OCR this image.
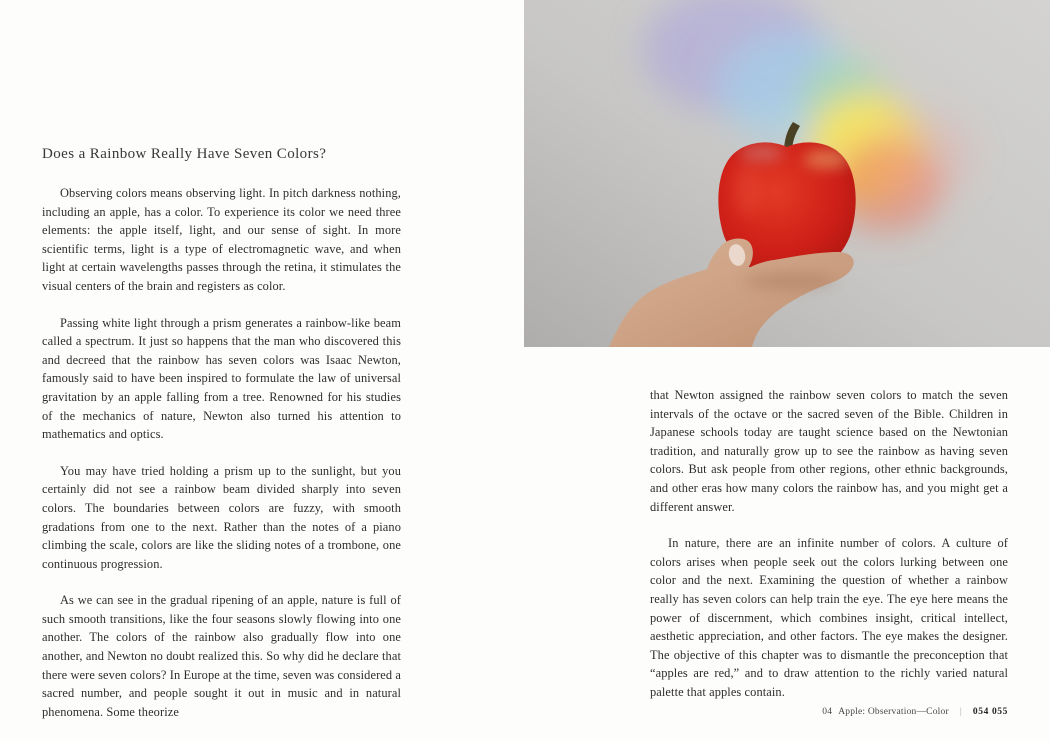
Does a Rainbow Really Have Seven Colors?

Observing colors means observing light. In pitch darkness nothing, including an apple, has a color. To experience its color we need three elements: the apple itself, light, and our sense of sight. In more scientific terms, light is a type of electromagnetic wave, and when light at certain wavelengths passes through the retina, it stimulates the visual centers of the brain and registers as color.

Passing white light through a prism generates a rainbow-like beam called a spectrum. It just so happens that the man who discovered this and decreed that the rainbow has seven colors was Isaac Newton, famously said to have been inspired to formulate the law of universal gravitation by an apple falling from a tree. Renowned for his studies of the mechanics of nature, Newton also turned his attention to mathematics and optics.

You may have tried holding a prism up to the sunlight, but you certainly did not see a rainbow beam divided sharply into seven colors. The boundaries between colors are fuzzy, with smooth gradations from one to the next. Rather than the notes of a piano climbing the scale, colors are like the sliding notes of a trombone, one continuous progression.

As we can see in the gradual ripening of an apple, nature is full of such smooth transitions, like the four seasons slowly flowing into one another. The colors of the rainbow also gradually flow into one another, and Newton no doubt realized this. So why did he declare that there were seven colors? In Europe at the time, seven was considered a sacred number, and people sought it out in music and in natural phenomena. Some theorize

that Newton assigned the rainbow seven colors to match the seven intervals of the octave or the sacred seven of the Bible. Children in Japanese schools today are taught science based on the Newtonian tradition, and naturally grow up to see the rainbow as having seven colors. But ask people from other regions, other ethnic backgrounds, and other eras how many colors the rainbow has, and you might get a different answer.

In nature, there are an infinite number of colors. A culture of colors arises when people seek out the colors lurking between one color and the next. Examining the question of whether a rainbow really has seven colors can help train the eye. The eye here means the power of discernment, which combines insight, critical intellect, aesthetic appreciation, and other factors. The eye makes the designer. The objective of this chapter was to dismantle the preconception that “apples are red,” and to draw attention to the richly varied natural palette that apples contain.

04 Apple: Observation—Color | 054 055
